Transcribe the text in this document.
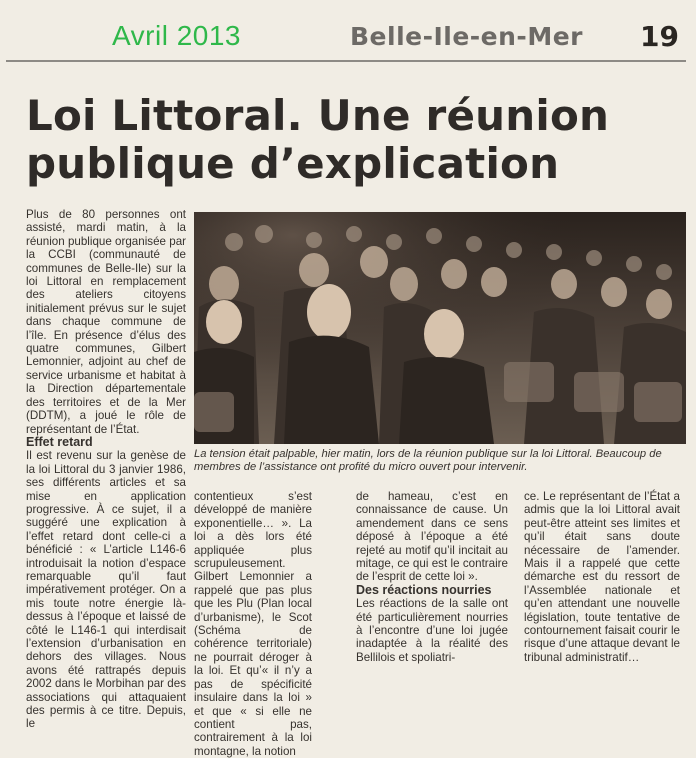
Avril 2013	Belle-Ile-en-Mer 19
Loi Littoral. Une réunion
publique d’explication

Plus de 80 personnes ont assisté, mardi matin, à la réunion publique organisée par la CCBI (communauté de communes de Belle-Ile) sur la loi Littoral en remplacement des ateliers citoyens initialement prévus sur le sujet dans chaque commune de l’île. En présence d’élus des quatre communes, Gilbert Lemonnier, adjoint au chef de service urbanisme et habitat à la Direction départementale des territoires et de la Mer (DDTM), a joué le rôle de représentant de l’État.

Effet retard

Il est revenu sur la genèse de la loi Littoral du 3 janvier 1986, ses différents articles et sa mise en application progressive. À ce sujet, il a suggéré une explication à l’effet retard dont celle-ci a bénéficié : « L’article L146-6 introduisait la notion d’espace remarquable qu’il faut impérativement protéger. On a mis toute notre énergie là-dessus à l’époque et laissé de côté le L146-1 qui interdisait l’extension d’urbanisation en dehors des villages. Nous avons été rattrapés depuis 2002 dans le Morbihan par des associations qui attaquaient des permis à ce titre. Depuis, le

La tension était palpable, hier matin, lors de la réunion publique sur la loi Littoral. Beaucoup de membres de l’assistance ont profité du micro ouvert pour intervenir.

contentieux s’est développé de manière exponentielle… ». La loi a dès lors été appliquée plus scrupuleusement. Gilbert Lemonnier a rappelé que pas plus que les Plu (Plan local d’urbanisme), le Scot (Schéma de cohérence territoriale) ne pourrait déroger à la loi. Et qu’« il n’y a pas de spécificité insulaire dans la loi » et que « si elle ne contient pas, contrairement à la loi montagne, la notion

de hameau, c’est en connaissance de cause. Un amendement dans ce sens déposé à l’époque a été rejeté au motif qu’il incitait au mitage, ce qui est le contraire de l’esprit de cette loi ».

Des réactions nourries

Les réactions de la salle ont été particulièrement nourries à l’encontre d’une loi jugée inadaptée à la réalité des Bellilois et spoliatri-

ce. Le représentant de l’État a admis que la loi Littoral avait peut-être atteint ses limites et qu’il était sans doute nécessaire de l’amender. Mais il a rappelé que cette démarche est du ressort de l’Assemblée nationale et qu’en attendant une nouvelle législation, toute tentative de contournement faisait courir le risque d’une attaque devant le tribunal administratif…
